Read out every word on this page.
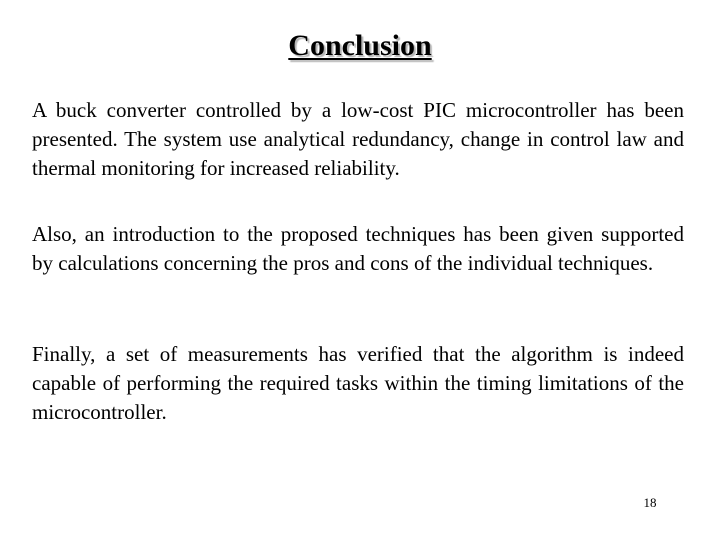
Conclusion

A buck converter controlled by a low-cost PIC microcontroller has been presented. The system use analytical redundancy, change in control law and thermal monitoring for increased reliability.

Also, an introduction to the proposed techniques has been given supported by calculations concerning the pros and cons of the individual techniques.

Finally, a set of measurements has verified that the algorithm is indeed capable of performing the required tasks within the timing limitations of the microcontroller.

18
